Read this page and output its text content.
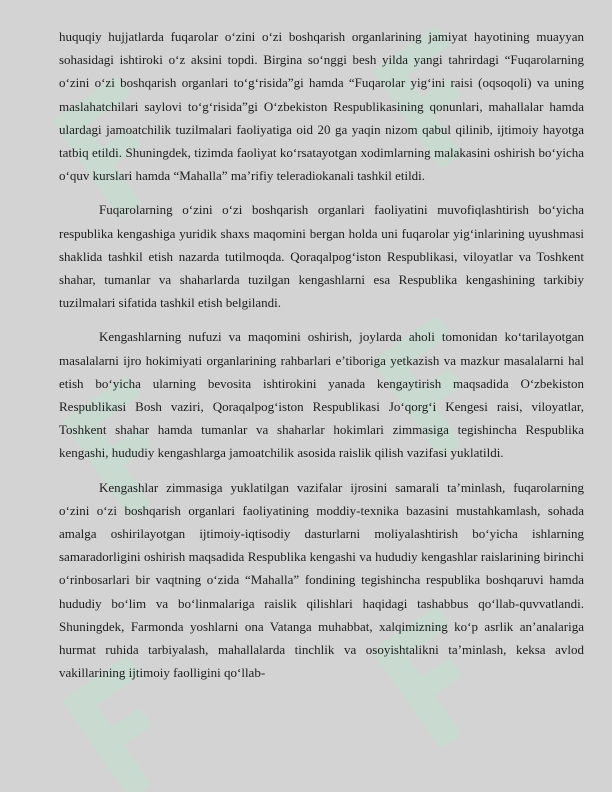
huquqiy hujjatlarda fuqarolar o‘zini o‘zi boshqarish organlarining jamiyat hayotining muayyan sohasidagi ishtiroki o‘z aksini topdi. Birgina so‘nggi besh yilda yangi tahrirdagi “Fuqarolarning o‘zini o‘zi boshqarish organlari to‘g‘risida”gi hamda “Fuqarolar yig‘ini raisi (oqsoqoli) va uning maslahatchilari saylovi to‘g‘risida”gi O‘zbekiston Respublikasining qonunlari, mahallalar hamda ulardagi jamoatchilik tuzilmalari faoliyatiga oid 20 ga yaqin nizom qabul qilinib, ijtimoiy hayotga tatbiq etildi. Shuningdek, tizimda faoliyat ko‘rsatayotgan xodimlarning malakasini oshirish bo‘yicha o‘quv kurslari hamda “Mahalla” ma’rifiy teleradiokanali tashkil etildi.

Fuqarolarning o‘zini o‘zi boshqarish organlari faoliyatini muvofiqlashtirish bo‘yicha respublika kengashiga yuridik shaxs maqomini bergan holda uni fuqarolar yig‘inlarining uyushmasi shaklida tashkil etish nazarda tutilmoqda. Qoraqalpog‘iston Respublikasi, viloyatlar va Toshkent shahar, tumanlar va shaharlarda tuzilgan kengashlarni esa Respublika kengashining tarkibiy tuzilmalari sifatida tashkil etish belgilandi.

Kengashlarning nufuzi va maqomini oshirish, joylarda aholi tomonidan ko‘tarilayotgan masalalarni ijro hokimiyati organlarining rahbarlari e’tiboriga yetkazish va mazkur masalalarni hal etish bo‘yicha ularning bevosita ishtirokini yanada kengaytirish maqsadida O‘zbekiston Respublikasi Bosh vaziri, Qoraqalpog‘iston Respublikasi Jo‘qorg‘i Kengesi raisi, viloyatlar, Toshkent shahar hamda tumanlar va shaharlar hokimlari zimmasiga tegishincha Respublika kengashi, hududiy kengashlarga jamoatchilik asosida raislik qilish vazifasi yuklatildi.

Kengashlar zimmasiga yuklatilgan vazifalar ijrosini samarali ta’minlash, fuqarolarning o‘zini o‘zi boshqarish organlari faoliyatining moddiy-texnika bazasini mustahkamlash, sohada amalga oshirilayotgan ijtimoiy-iqtisodiy dasturlarni moliyalashtirish bo‘yicha ishlarning samaradorligini oshirish maqsadida Respublika kengashi va hududiy kengashlar raislarining birinchi o‘rinbosarlari bir vaqtning o‘zida “Mahalla” fondining tegishincha respublika boshqaruvi hamda hududiy bo‘lim va bo‘linmalariga raislik qilishlari haqidagi tashabbus qo‘llab-quvvatlandi. Shuningdek, Farmonda yoshlarni ona Vatanga muhabbat, xalqimizning ko‘p asrlik an’analariga hurmat ruhida tarbiyalash, mahallalarda tinchlik va osoyishtalikni ta’minlash, keksa avlod vakillarining ijtimoiy faolligini qo‘llab-
